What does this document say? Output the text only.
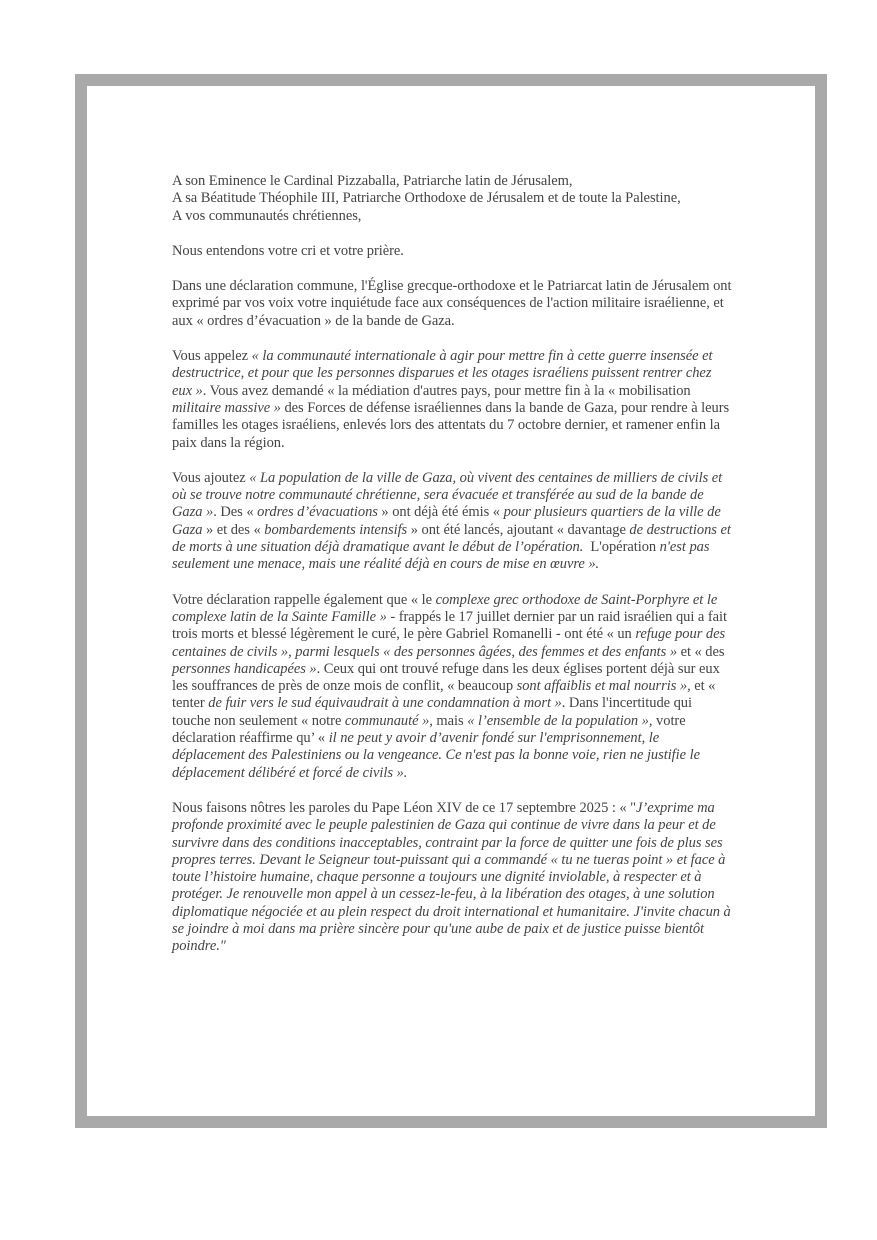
A son Eminence le Cardinal Pizzaballa, Patriarche latin de Jérusalem,
A sa Béatitude Théophile III, Patriarche Orthodoxe de Jérusalem et de toute la Palestine,
A vos communautés chrétiennes,

Nous entendons votre cri et votre prière.

Dans une déclaration commune, l'Église grecque-orthodoxe et le Patriarcat latin de Jérusalem ont exprimé par vos voix votre inquiétude face aux conséquences de l'action militaire israélienne, et aux « ordres d’évacuation » de la bande de Gaza.

Vous appelez « la communauté internationale à agir pour mettre fin à cette guerre insensée et destructrice, et pour que les personnes disparues et les otages israéliens puissent rentrer chez eux ». Vous avez demandé « la médiation d'autres pays, pour mettre fin à la « mobilisation militaire massive » des Forces de défense israéliennes dans la bande de Gaza, pour rendre à leurs familles les otages israéliens, enlevés lors des attentats du 7 octobre dernier, et ramener enfin la paix dans la région.

Vous ajoutez « La population de la ville de Gaza, où vivent des centaines de milliers de civils et où se trouve notre communauté chrétienne, sera évacuée et transférée au sud de la bande de Gaza ». Des « ordres d’évacuations » ont déjà été émis « pour plusieurs quartiers de la ville de Gaza » et des « bombardements intensifs » ont été lancés, ajoutant « davantage de destructions et de morts à une situation déjà dramatique avant le début de l’opération.  L'opération n'est pas seulement une menace, mais une réalité déjà en cours de mise en œuvre ».

Votre déclaration rappelle également que « le complexe grec orthodoxe de Saint-Porphyre et le complexe latin de la Sainte Famille » - frappés le 17 juillet dernier par un raid israélien qui a fait trois morts et blessé légèrement le curé, le père Gabriel Romanelli - ont été « un refuge pour des centaines de civils », parmi lesquels « des personnes âgées, des femmes et des enfants » et « des personnes handicapées ». Ceux qui ont trouvé refuge dans les deux églises portent déjà sur eux les souffrances de près de onze mois de conflit, « beaucoup sont affaiblis et mal nourris », et « tenter de fuir vers le sud équivaudrait à une condamnation à mort ». Dans l'incertitude qui touche non seulement « notre communauté », mais « l’ensemble de la population », votre déclaration réaffirme qu’ « il ne peut y avoir d’avenir fondé sur l'emprisonnement, le déplacement des Palestiniens ou la vengeance. Ce n'est pas la bonne voie, rien ne justifie le déplacement délibéré et forcé de civils ».

Nous faisons nôtres les paroles du Pape Léon XIV de ce 17 septembre 2025 : « "J’exprime ma profonde proximité avec le peuple palestinien de Gaza qui continue de vivre dans la peur et de survivre dans des conditions inacceptables, contraint par la force de quitter une fois de plus ses propres terres. Devant le Seigneur tout-puissant qui a commandé « tu ne tueras point » et face à toute l’histoire humaine, chaque personne a toujours une dignité inviolable, à respecter et à protéger. Je renouvelle mon appel à un cessez-le-feu, à la libération des otages, à une solution diplomatique négociée et au plein respect du droit international et humanitaire. J'invite chacun à se joindre à moi dans ma prière sincère pour qu'une aube de paix et de justice puisse bientôt poindre."
